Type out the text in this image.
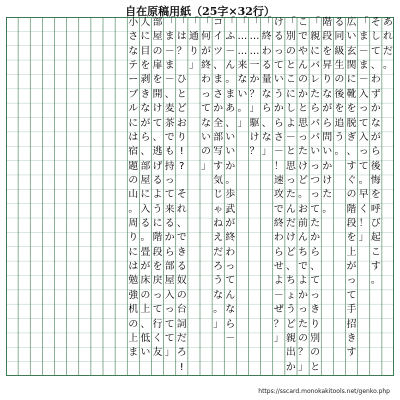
自在原稿用紙（25字×32行）
あ
れ
だ
。
そ
し
て
、
わ
ず
か
な
が
ら
後
悔
を
呼
び
起
こ
す
。
「
ま
－
ま
－
入
っ
て
入
っ
て
。
早
く
！
」
広
い
玄
関
に
靴
を
脱
ぎ
、
す
ぐ
の
階
段
を
上
が
っ
て
手
招
き
す
る
同
級
生
の
後
を
追
う
。
階
段
を
昇
り
な
が
ら
問
い
か
け
た
。
「
親
に
バ
レ
た
ら
パ
パ
い
っ
つ
っ
て
た
か
ら
、
て
っ
き
り
別
の
と
こ
で
や
ん
の
か
と
思
っ
た
け
ど
。
お
前
ん
ち
で
よ
か
っ
た
の
？
」
「
別
の
と
こ
に
し
よ
－
と
思
っ
た
ん
だ
け
ど
、
ち
ょ
う
ど
親
出
か
け
る
っ
て
い
う
か
ら
さ
－
！
速
攻
で
終
わ
ら
せ
よ
－
ぜ
？
」
「
終
わ
る
量
な
ら
、
な
」
「
…
…
一
か
？
」
駆
け
？
「
…
…
来
な
い
。
」
「
ふ
－
ん
。
ま
あ
、
い
い
か
。
歩
武
が
終
わ
っ
て
ん
な
ら
－
コ
イ
ツ
、
ま
さ
か
全
部
写
す
気
じ
ゃ
ね
え
だ
ろ
う
な
。
」
「
何
が
終
わ
っ
て
な
い
の
」
「
通
り
」
「
は
？
ひ
と
ど
お
り
!
?
そ
れ
、
で
き
る
奴
の
台
詞
だ
ろ
!
「
ま
－
ま
－
、
麦
茶
で
も
持
っ
て
来
る
か
ら
部
屋
入
っ
て
て
」
部
屋
の
扉
を
開
け
て
、
逃
げ
る
よ
う
に
階
段
を
戻
っ
て
行
く
友
人
に
目
を
剥
き
な
が
ら
、
部
屋
に
入
る
。
畳
が
床
の
上
、
低
い
小
さ
な
テ
ー
ブ
ル
に
は
宿
題
の
山
。
周
り
に
は
勉
強
机
の
上
ま
https://sscard.monokakitools.net/genko.php
